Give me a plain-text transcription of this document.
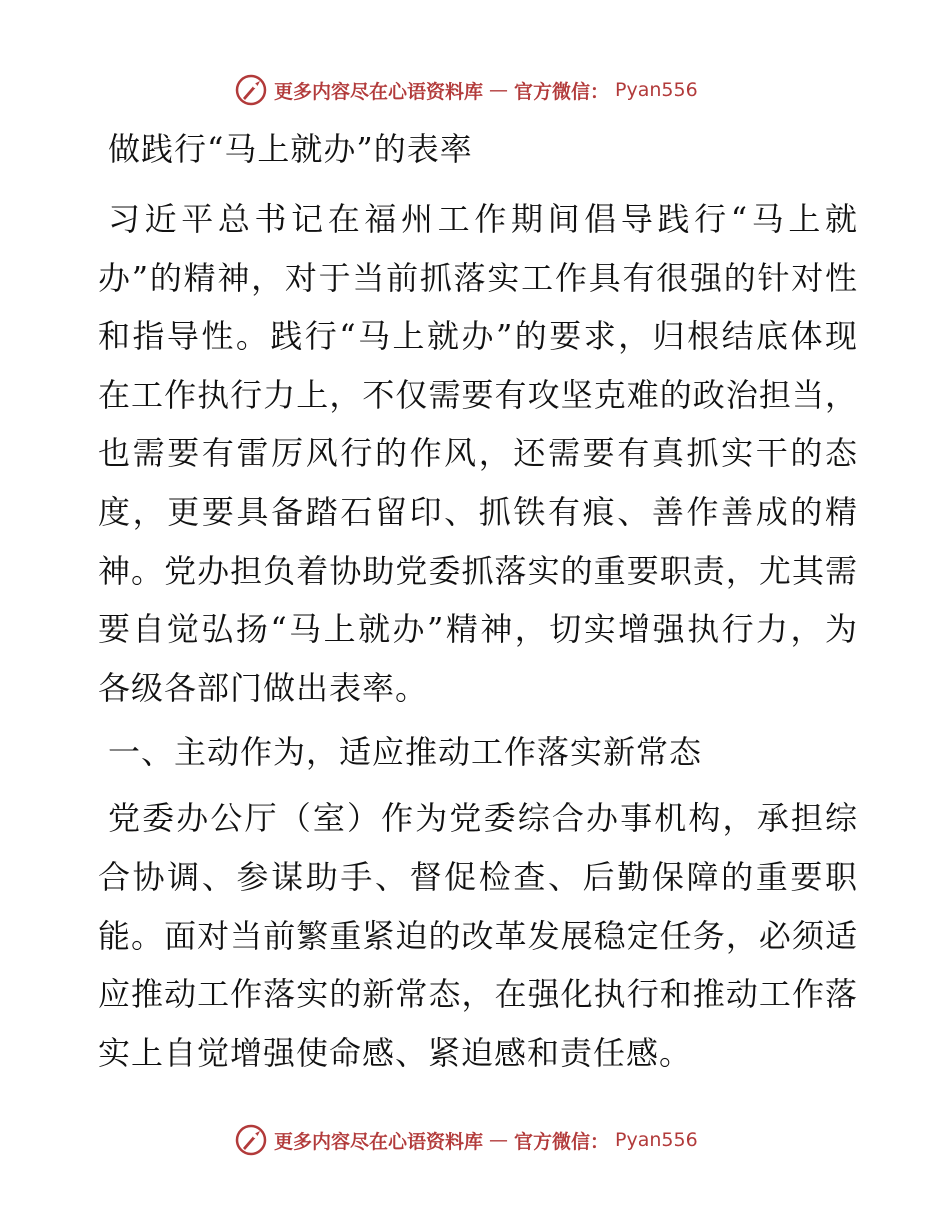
更多内容尽在心语资料库 — 官方微信： Pyan556
做践行“马上就办”的表率

习近平总书记在福州工作期间倡导践行“马上就办”的精神，对于当前抓落实工作具有很强的针对性和指导性。践行“马上就办”的要求，归根结底体现在工作执行力上，不仅需要有攻坚克难的政治担当，也需要有雷厉风行的作风，还需要有真抓实干的态度，更要具备踏石留印、抓铁有痕、善作善成的精神。党办担负着协助党委抓落实的重要职责，尤其需要自觉弘扬“马上就办”精神，切实增强执行力，为各级各部门做出表率。

一、主动作为，适应推动工作落实新常态

党委办公厅（室）作为党委综合办事机构，承担综合协调、参谋助手、督促检查、后勤保障的重要职能。面对当前繁重紧迫的改革发展稳定任务，必须适应推动工作落实的新常态，在强化执行和推动工作落实上自觉增强使命感、紧迫感和责任感。

更多内容尽在心语资料库 — 官方微信： Pyan556
